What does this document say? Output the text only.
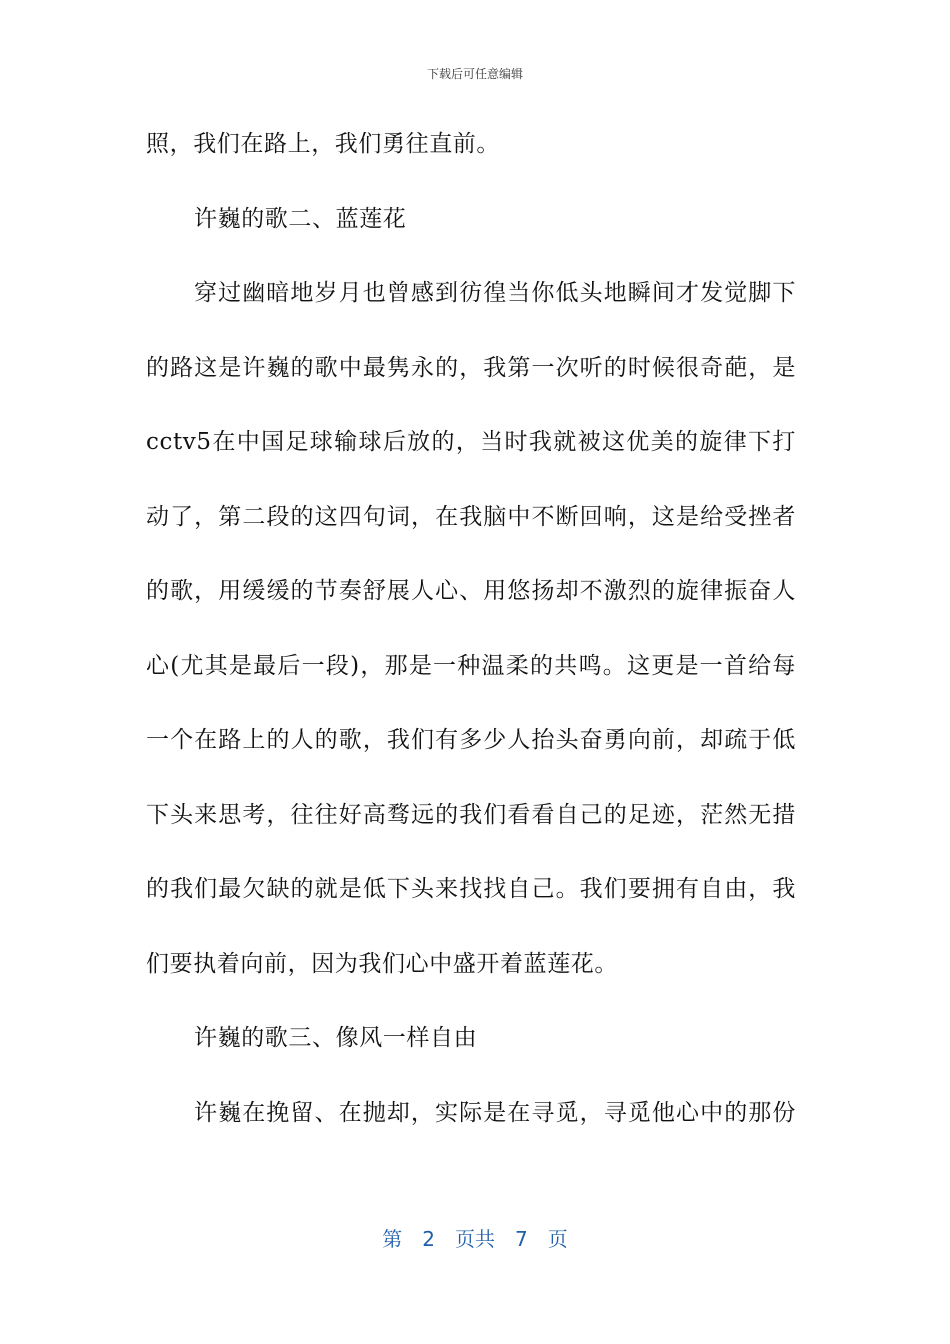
下载后可任意编辑
照，我们在路上，我们勇往直前。
许巍的歌二、蓝莲花
穿过幽暗地岁月也曾感到彷徨当你低头地瞬间才发觉脚下
的路这是许巍的歌中最隽永的，我第一次听的时候很奇葩，是
cctv5在中国足球输球后放的，当时我就被这优美的旋律下打
动了，第二段的这四句词，在我脑中不断回响，这是给受挫者
的歌，用缓缓的节奏舒展人心、用悠扬却不激烈的旋律振奋人
心(尤其是最后一段)，那是一种温柔的共鸣。这更是一首给每
一个在路上的人的歌，我们有多少人抬头奋勇向前，却疏于低
下头来思考，往往好高骛远的我们看看自己的足迹，茫然无措
的我们最欠缺的就是低下头来找找自己。我们要拥有自由，我
们要执着向前，因为我们心中盛开着蓝莲花。
许巍的歌三、像风一样自由
许巍在挽留、在抛却，实际是在寻觅，寻觅他心中的那份
第 2 页共 7 页
